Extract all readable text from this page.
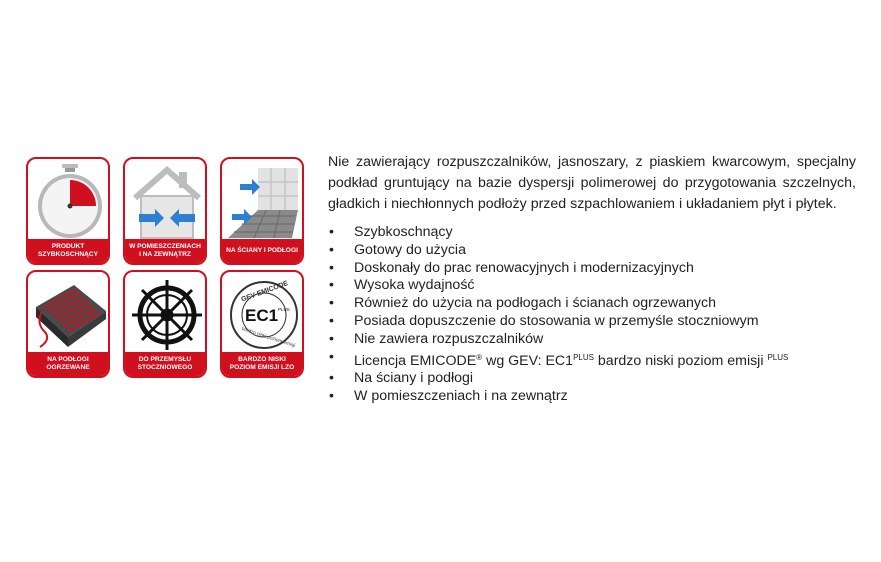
PRODUKT
SZYBKOSCHNĄCY
W POMIESZCZENIACH
I NA ZEWNĄTRZ
NA ŚCIANY I PODŁOGI
NA PODŁOGI
OGRZEWANE
DO PRZEMYSŁU
STOCZNIOWEGO
GEV-EMICODE
EC1 PLUS
bardzo niski poziom emisji
BARDZO NISKI
POZIOM EMISJI LZO
Nie zawierający rozpuszczalników, jasnoszary, z piaskiem kwarcowym, specjalny podkład gruntujący na bazie dyspersji polimerowej do przygotowania szczelnych, gładkich i niechłonnych podłoży przed szpachlowaniem i układaniem płyt i płytek.
• Szybkoschnący
• Gotowy do użycia
• Doskonały do prac renowacyjnych i modernizacyjnych
• Wysoka wydajność
• Również do użycia na podłogach i ścianach ogrzewanych
• Posiada dopuszczenie do stosowania w przemyśle stoczniowym
• Nie zawiera rozpuszczalników
• Licencja EMICODE® wg GEV: $EC1^{PLUS}$ bardzo niski poziom emisji $^{PLUS}$
• Na ściany i podłogi
• W pomieszczeniach i na zewnątrz
